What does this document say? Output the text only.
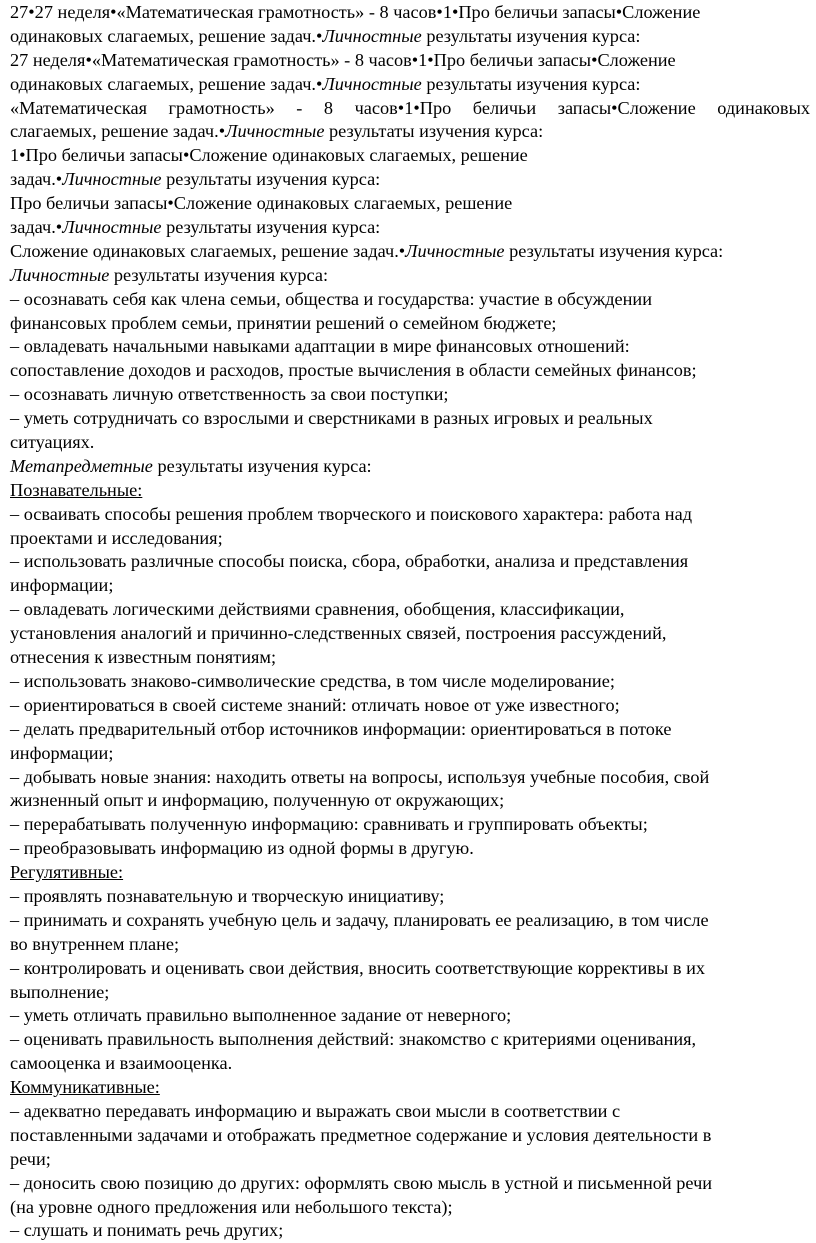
27•27 неделя•«Математическая грамотность» - 8 часов•1•Про беличьи запасы•Сложение
одинаковых слагаемых, решение задач.•Личностные результаты изучения курса:
27 неделя•«Математическая грамотность» - 8 часов•1•Про беличьи запасы•Сложение
одинаковых слагаемых, решение задач.•Личностные результаты изучения курса:
«Математическая грамотность» - 8 часов•1•Про беличьи запасы•Сложение одинаковых
слагаемых, решение задач.•Личностные результаты изучения курса:
1•Про беличьи запасы•Сложение одинаковых слагаемых, решение
задач.•Личностные результаты изучения курса:
Про беличьи запасы•Сложение одинаковых слагаемых, решение
задач.•Личностные результаты изучения курса:
Сложение одинаковых слагаемых, решение задач.•Личностные результаты изучения курса:
Личностные результаты изучения курса:
– осознавать себя как члена семьи, общества и государства: участие в обсуждении
финансовых проблем семьи, принятии решений о семейном бюджете;
– овладевать начальными навыками адаптации в мире финансовых отношений:
сопоставление доходов и расходов, простые вычисления в области семейных финансов;
– осознавать личную ответственность за свои поступки;
– уметь сотрудничать со взрослыми и сверстниками в разных игровых и реальных
ситуациях.
Метапредметные результаты изучения курса:
Познавательные:
– осваивать способы решения проблем творческого и поискового характера: работа над
проектами и исследования;
– использовать различные способы поиска, сбора, обработки, анализа и представления
информации;
– овладевать логическими действиями сравнения, обобщения, классификации,
установления аналогий и причинно-следственных связей, построения рассуждений,
отнесения к известным понятиям;
– использовать знаково-символические средства, в том числе моделирование;
– ориентироваться в своей системе знаний: отличать новое от уже известного;
– делать предварительный отбор источников информации: ориентироваться в потоке
информации;
– добывать новые знания: находить ответы на вопросы, используя учебные пособия, свой
жизненный опыт и информацию, полученную от окружающих;
– перерабатывать полученную информацию: сравнивать и группировать объекты;
– преобразовывать информацию из одной формы в другую.
Регулятивные:
– проявлять познавательную и творческую инициативу;
– принимать и сохранять учебную цель и задачу, планировать ее реализацию, в том числе
во внутреннем плане;
– контролировать и оценивать свои действия, вносить соответствующие коррективы в их
выполнение;
– уметь отличать правильно выполненное задание от неверного;
– оценивать правильность выполнения действий: знакомство с критериями оценивания,
самооценка и взаимооценка.
Коммуникативные:
– адекватно передавать информацию и выражать свои мысли в соответствии с
поставленными задачами и отображать предметное содержание и условия деятельности в
речи;
– доносить свою позицию до других: оформлять свою мысль в устной и письменной речи
(на уровне одного предложения или небольшого текста);
– слушать и понимать речь других;
